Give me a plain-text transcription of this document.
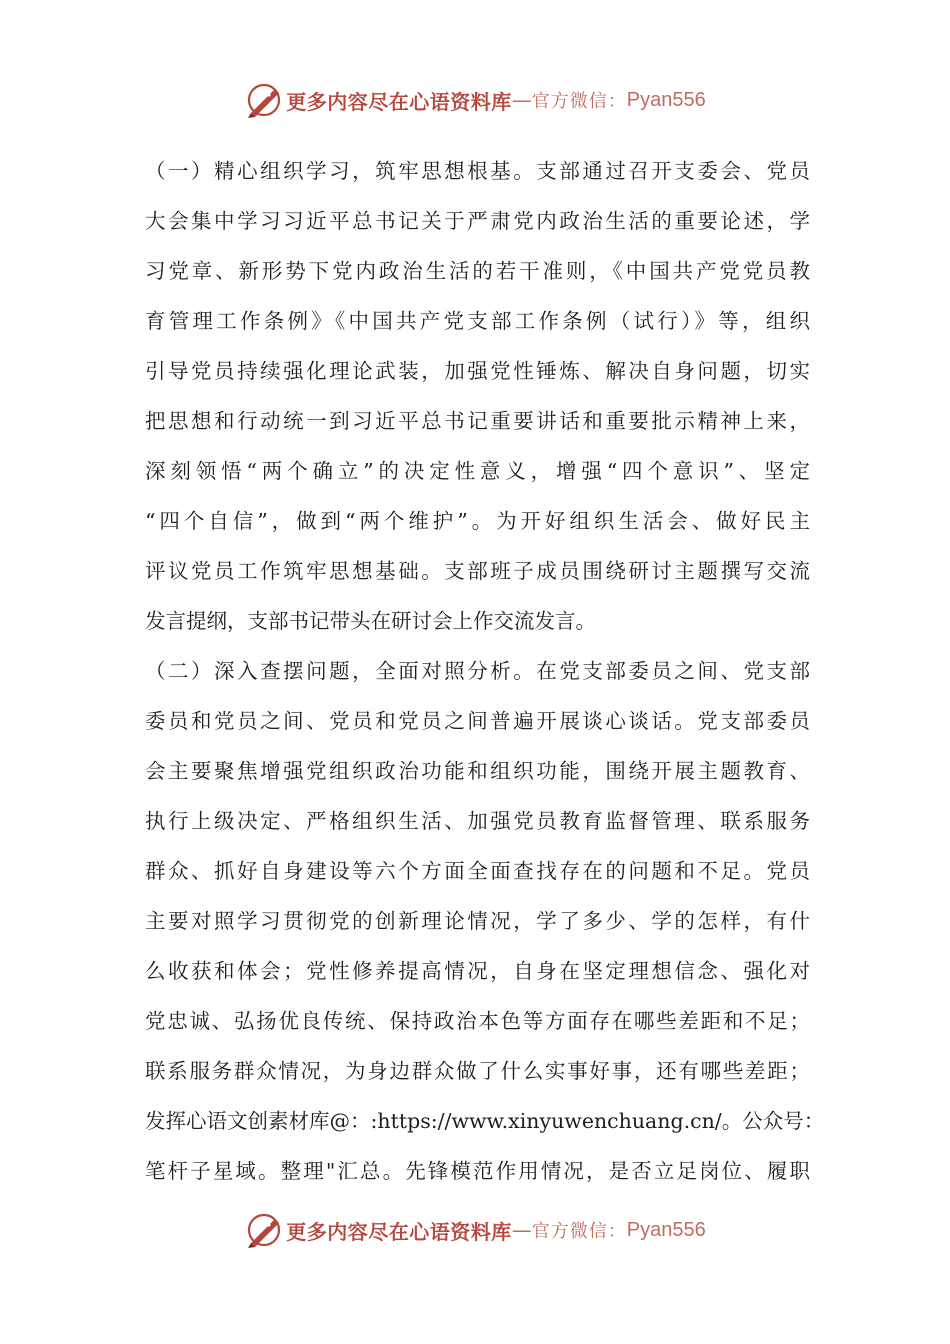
更多内容尽在心语资料库 — 官方微信： Pyan556
（一）精心组织学习，筑牢思想根基。支部通过召开支委会、党员
大会集中学习习近平总书记关于严肃党内政治生活的重要论述，学
习党章、新形势下党内政治生活的若干准则，《中国共产党党员教
育管理工作条例》《中国共产党支部工作条例（试行）》等，组织
引导党员持续强化理论武装，加强党性锤炼、解决自身问题，切实
把思想和行动统一到习近平总书记重要讲话和重要批示精神上来，
深刻领悟“两个确立”的决定性意义，增强“四个意识”、坚定
“四个自信”，做到“两个维护”。为开好组织生活会、做好民主
评议党员工作筑牢思想基础。支部班子成员围绕研讨主题撰写交流
发言提纲，支部书记带头在研讨会上作交流发言。
（二）深入查摆问题，全面对照分析。在党支部委员之间、党支部
委员和党员之间、党员和党员之间普遍开展谈心谈话。党支部委员
会主要聚焦增强党组织政治功能和组织功能，围绕开展主题教育、
执行上级决定、严格组织生活、加强党员教育监督管理、联系服务
群众、抓好自身建设等六个方面全面查找存在的问题和不足。党员
主要对照学习贯彻党的创新理论情况，学了多少、学的怎样，有什
么收获和体会；党性修养提高情况，自身在坚定理想信念、强化对
党忠诚、弘扬优良传统、保持政治本色等方面存在哪些差距和不足；
联系服务群众情况，为身边群众做了什么实事好事，还有哪些差距；
发挥心语文创素材库@：:https://www.xinyuwenchuang.cn/。公众号：
笔杆子星域。整理"汇总。先锋模范作用情况，是否立足岗位、履职
更多内容尽在心语资料库 — 官方微信： Pyan556
